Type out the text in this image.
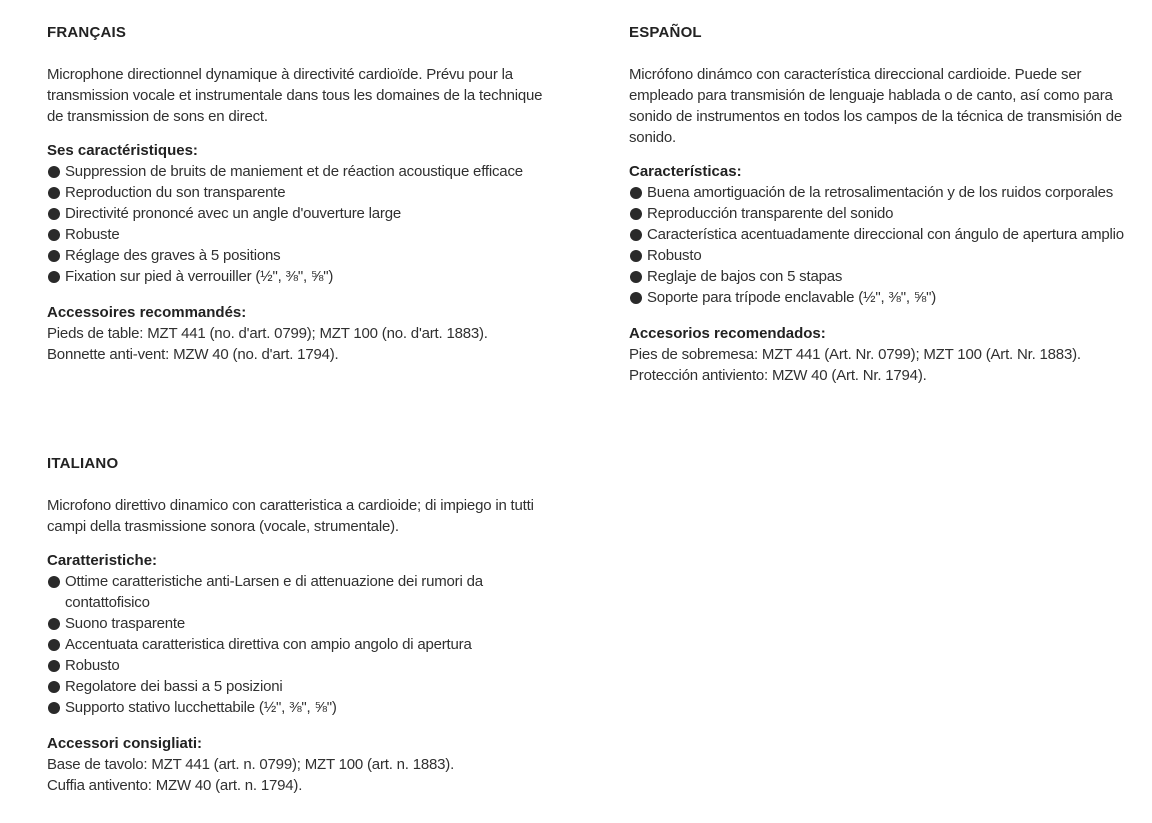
FRANÇAIS

Microphone directionnel dynamique à directivité cardioïde. Prévu pour la transmission vocale et instrumentale dans tous les domaines de la technique de transmission de sons en direct.

Ses caractéristiques:
Suppression de bruits de maniement et de réaction acoustique efficace
Reproduction du son transparente
Directivité prononcé avec un angle d'ouverture large
Robuste
Réglage des graves à 5 positions
Fixation sur pied à verrouiller (½", ⅜", ⅝")
Accessoires recommandés:

Pieds de table: MZT 441 (no. d'art. 0799); MZT 100 (no. d'art. 1883).

Bonnette anti-vent: MZW 40 (no. d'art. 1794).

ITALIANO

Microfono direttivo dinamico con caratteristica a cardioide; di impiego in tutti campi della trasmissione sonora (vocale, strumentale).

Caratteristiche:
Ottime caratteristiche anti-Larsen e di attenuazione dei rumori da contattofisico
Suono trasparente
Accentuata caratteristica direttiva con ampio angolo di apertura
Robusto
Regolatore dei bassi a 5 posizioni
Supporto stativo lucchettabile (½", ⅜", ⅝")
Accessori consigliati:

Base de tavolo: MZT 441 (art. n. 0799); MZT 100 (art. n. 1883).

Cuffia antivento: MZW 40 (art. n. 1794).

ESPAÑOL

Micrófono dinámco con característica direccional cardioide. Puede ser empleado para transmisión de lenguaje hablada o de canto, así como para sonido de instrumentos en todos los campos de la técnica de transmisión de sonido.

Características:
Buena amortiguación de la retrosalimentación y de los ruidos corporales
Reproducción transparente del sonido
Característica acentuadamente direccional con ángulo de apertura amplio
Robusto
Reglaje de bajos con 5 stapas
Soporte para trípode enclavable (½", ⅜", ⅝")
Accesorios recomendados:

Pies de sobremesa: MZT 441 (Art. Nr. 0799); MZT 100 (Art. Nr. 1883).

Protección antiviento: MZW 40 (Art. Nr. 1794).
